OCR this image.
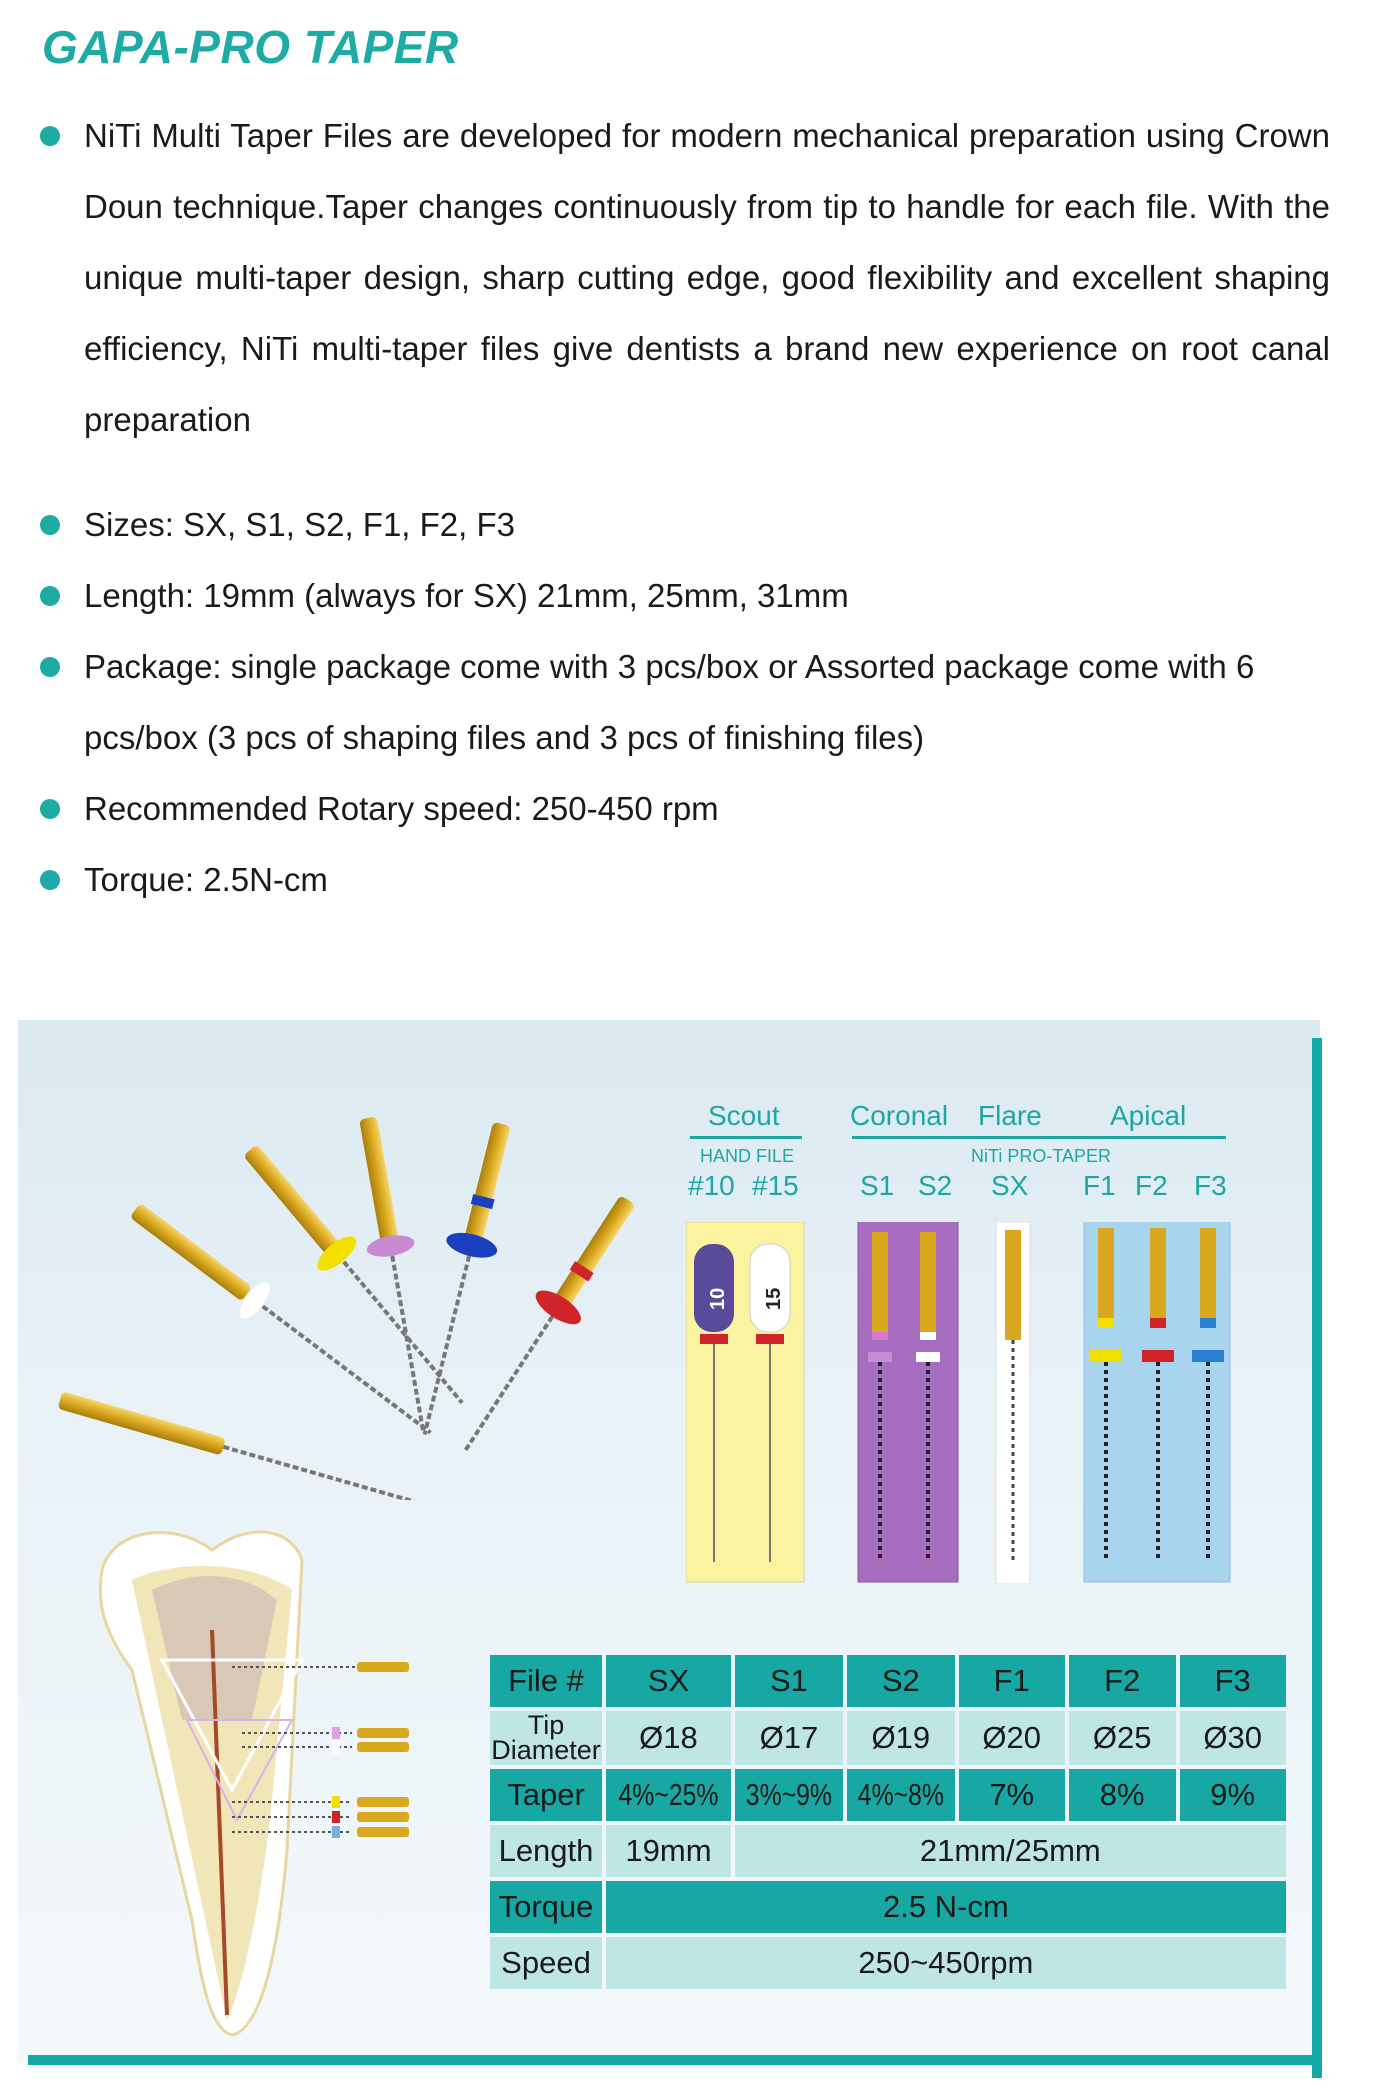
GAPA-PRO TAPER
NiTi Multi Taper Files are developed for modern mechanical preparation using Crown Doun technique.Taper changes continuously from tip to handle for each file. With the unique multi-taper design, sharp cutting edge, good flexibility and excellent shaping efficiency, NiTi multi-taper files give dentists a brand new experience on root canal preparation
Sizes: SX, S1, S2, F1, F2, F3
Length: 19mm (always for SX) 21mm, 25mm, 31mm
Package: single package come with 3 pcs/box or Assorted package come with 6 pcs/box (3 pcs of shaping files and 3 pcs of finishing files)
Recommended Rotary speed: 250-450 rpm
Torque: 2.5N-cm
Scout	Coronal Flare Apical
HAND FILE	NiTi PRO-TAPER
#10 #15 S1 S2 SX F1 F2 F3
10 15
File #	SX	S1	S2	F1	F2	F3

Tip
Diameter	Ø18	Ø17	Ø19	Ø20	Ø25	Ø30
Taper	4%~25%	3%~9%	4%~8%	7%	8%	9%
Length	19mm	21mm/25mm				
Torque	2.5 N-cm					
Speed	250~450rpm					
